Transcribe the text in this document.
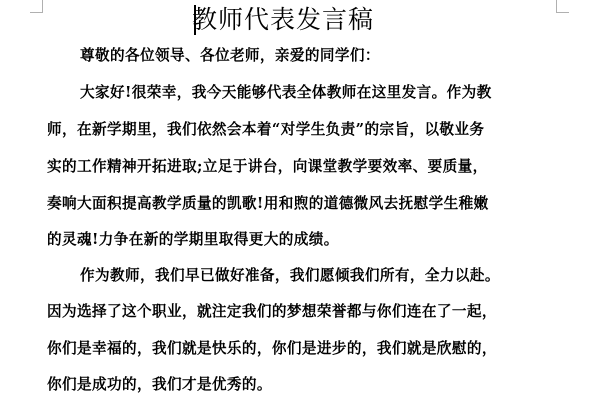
教师代表发言稿
尊敬的各位领导、各位老师，亲爱的同学们：
大家好!很荣幸，我今天能够代表全体教师在这里发言。作为教
师，在新学期里，我们依然会本着“对学生负责”的宗旨，以敬业务
实的工作精神开拓进取;立足于讲台，向课堂教学要效率、要质量，
奏响大面积提高教学质量的凯歌!用和煦的道德微风去抚慰学生稚嫩
的灵魂!力争在新的学期里取得更大的成绩。
作为教师，我们早已做好准备，我们愿倾我们所有，全力以赴。
因为选择了这个职业，就注定我们的梦想荣誉都与你们连在了一起，
你们是幸福的，我们就是快乐的，你们是进步的，我们就是欣慰的，
你们是成功的，我们才是优秀的。
